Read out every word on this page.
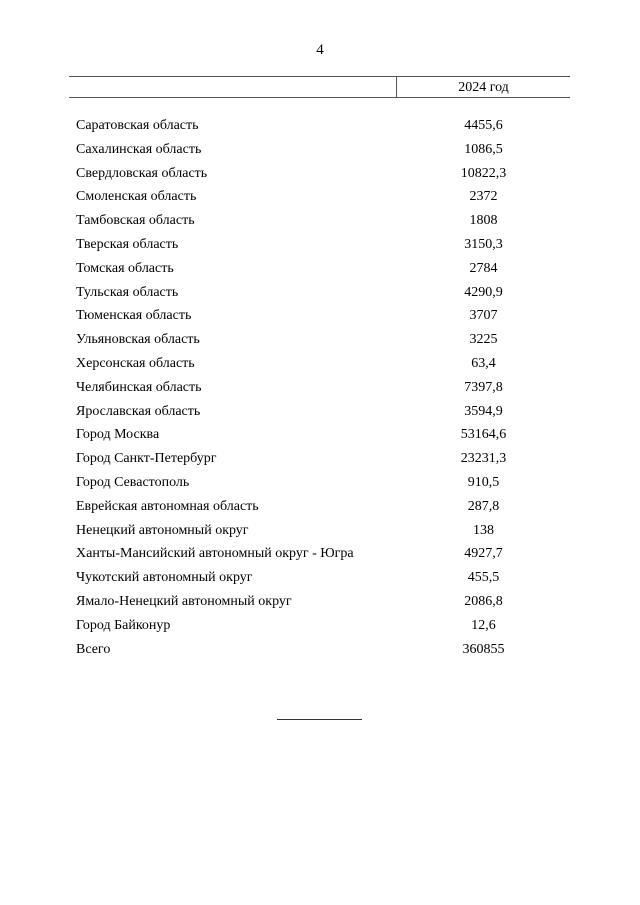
4
2024 год
Саратовская область	4455,6
Сахалинская область	1086,5
Свердловская область	10822,3
Смоленская область	2372
Тамбовская область	1808
Тверская область	3150,3
Томская область	2784
Тульская область	4290,9
Тюменская область	3707
Ульяновская область	3225
Херсонская область	63,4
Челябинская область	7397,8
Ярославская область	3594,9
Город Москва	53164,6
Город Санкт-Петербург	23231,3
Город Севастополь	910,5
Еврейская автономная область	287,8
Ненецкий автономный округ	138
Ханты-Мансийский автономный округ - Югра	4927,7
Чукотский автономный округ	455,5
Ямало-Ненецкий автономный округ	2086,8
Город Байконур	12,6
Всего	360855
